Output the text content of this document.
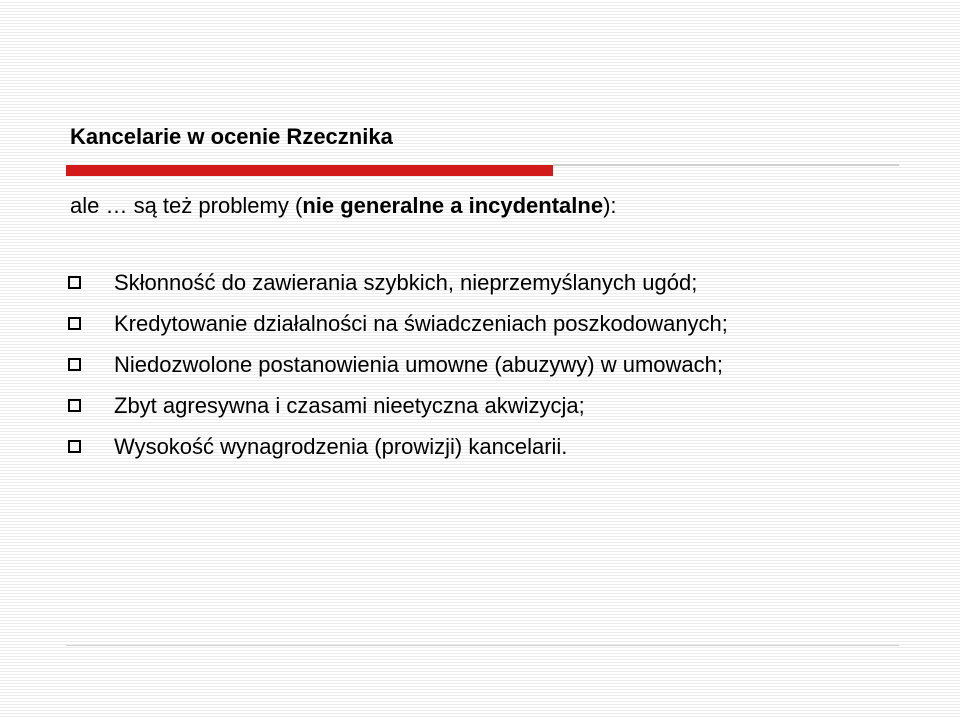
Kancelarie w ocenie Rzecznika
ale … są też problemy (nie generalne a incydentalne):
Skłonność do zawierania szybkich, nieprzemyślanych ugód;
Kredytowanie działalności na świadczeniach poszkodowanych;
Niedozwolone postanowienia umowne (abuzywy) w umowach;
Zbyt agresywna i czasami nieetyczna akwizycja;
Wysokość wynagrodzenia (prowizji) kancelarii.
